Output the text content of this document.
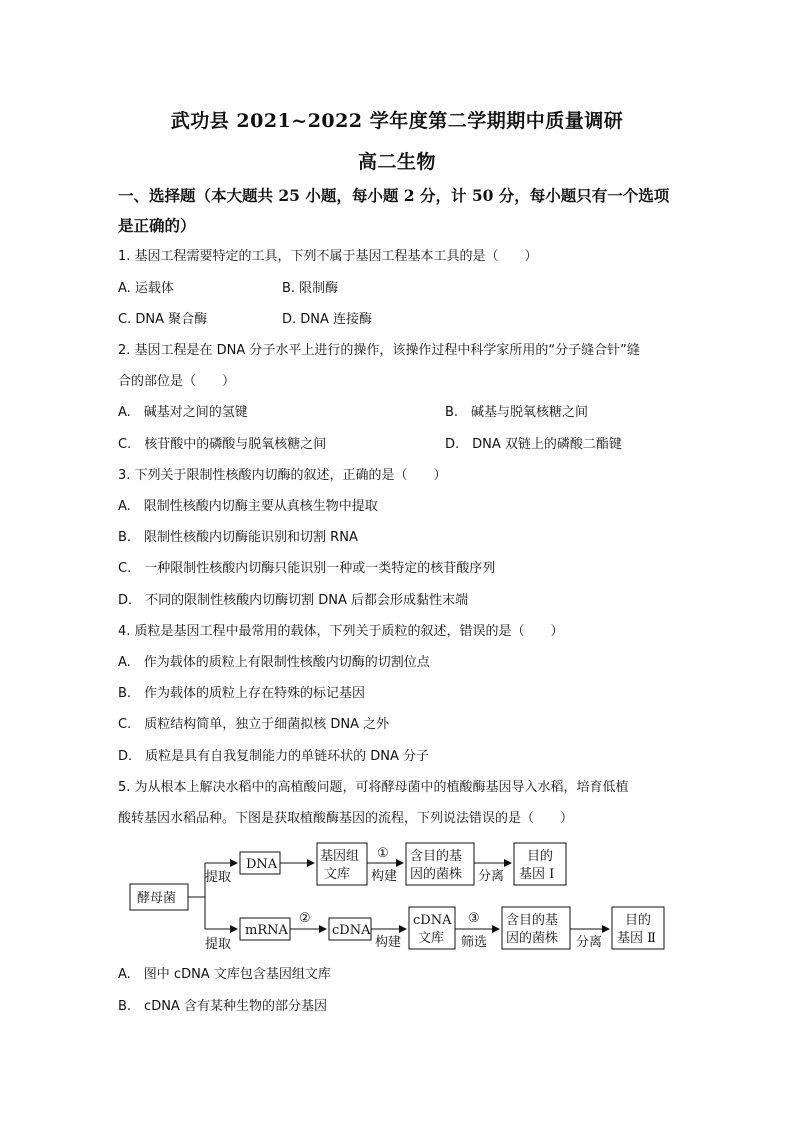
武功县 2021~2022 学年度第二学期期中质量调研
高二生物
一、选择题（本大题共 25 小题，每小题 2 分，计 50 分，每小题只有一个选项
是正确的）
1. 基因工程需要特定的工具，下列不属于基因工程基本工具的是（　　）
A. 运载体	B. 限制酶
C. DNA 聚合酶	D. DNA 连接酶
2. 基因工程是在 DNA 分子水平上进行的操作，该操作过程中科学家所用的“分子缝合针”缝
合的部位是（　　）
A.　碱基对之间的氢键	B.　碱基与脱氧核糖之间
C.　核苷酸中的磷酸与脱氧核糖之间	D.　DNA 双链上的磷酸二酯键
3. 下列关于限制性核酸内切酶的叙述，正确的是（　　）
A.　限制性核酸内切酶主要从真核生物中提取
B.　限制性核酸内切酶能识别和切割 RNA
C.　一种限制性核酸内切酶只能识别一种或一类特定的核苷酸序列
D.　不同的限制性核酸内切酶切割 DNA 后都会形成黏性末端
4. 质粒是基因工程中最常用的载体，下列关于质粒的叙述，错误的是（　　）
A.　作为载体的质粒上有限制性核酸内切酶的切割位点
B.　作为载体的质粒上存在特殊的标记基因
C.　质粒结构简单，独立于细菌拟核 DNA 之外
D.　质粒是具有自我复制能力的单链环状的 DNA 分子
5. 为从根本上解决水稻中的高植酸问题，可将酵母菌中的植酸酶基因导入水稻，培育低植
酸转基因水稻品种。下图是获取植酸酶基因的流程，下列说法错误的是（　　）
酵母菌
提取
提取
DNA
基因组
文库
①
构建
含目的基
因的菌株 分离
目的
基因 Ⅰ
mRNA
②
cDNA
构建
cDNA
文库
③
筛选
含目的基
因的菌株 分离
目的
基因 Ⅱ
A.　图中 cDNA 文库包含基因组文库
B.　cDNA 含有某种生物的部分基因
